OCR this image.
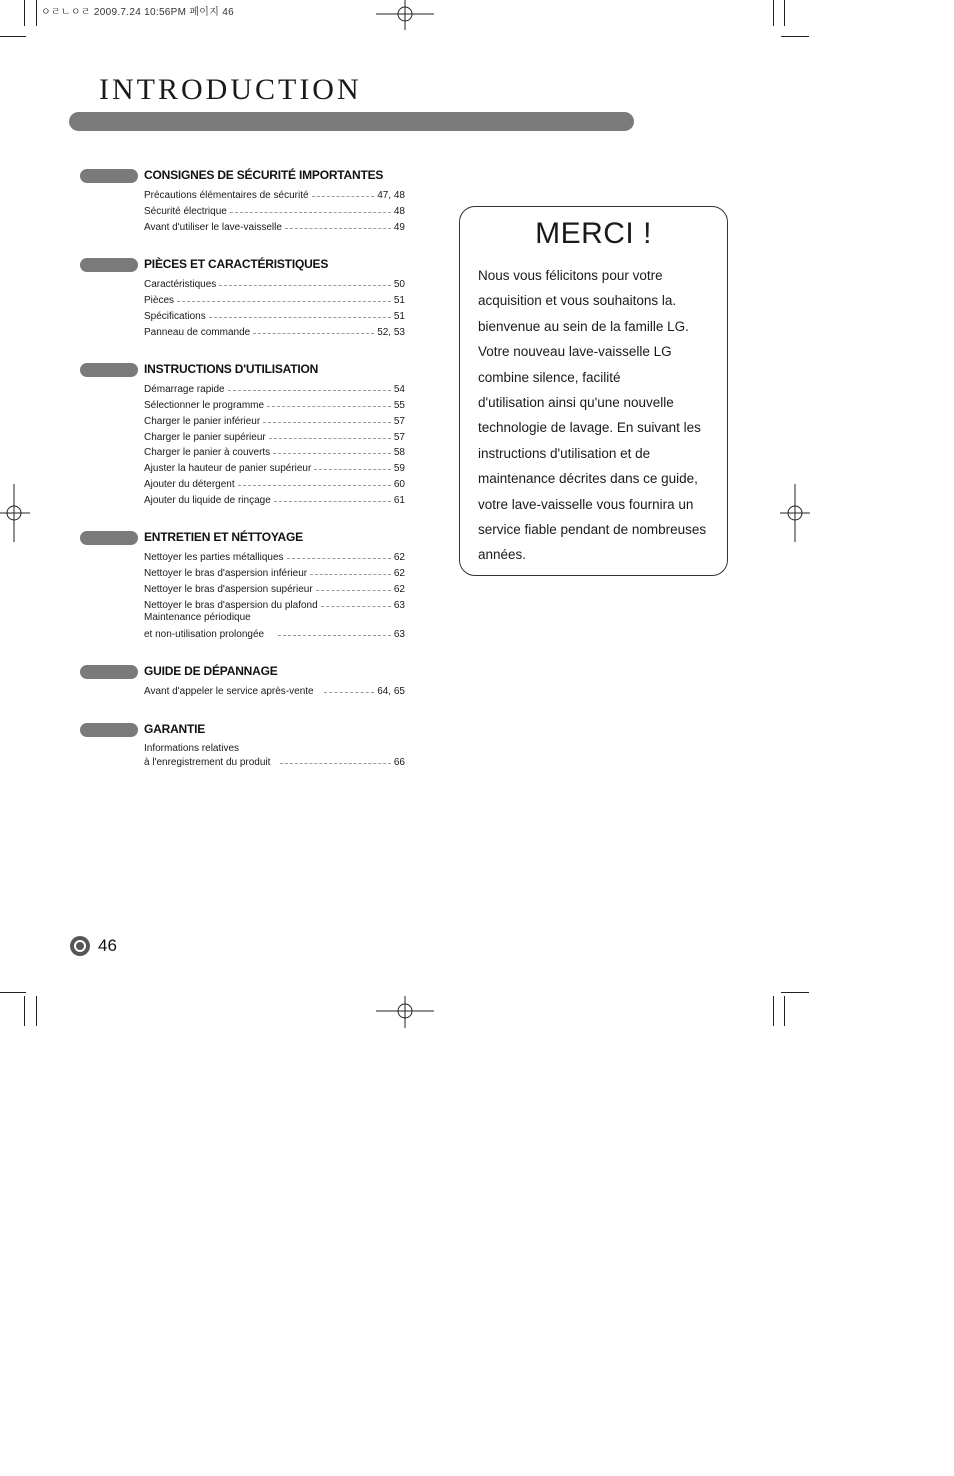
ㅇㄹㄴㅇㄹ 2009.7.24 10:56PM 페이지 46
INTRODUCTION
CONSIGNES DE SÉCURITÉ IMPORTANTES
Précautions élémentaires de sécurité	47, 48
Sécurité électrique	48
Avant d'utiliser le lave-vaisselle	49
PIÈCES ET CARACTÉRISTIQUES
Caractéristiques	50
Pièces	51
Spécifications	51
Panneau de commande	52, 53
INSTRUCTIONS D'UTILISATION
Démarrage rapide	54
Sélectionner le programme	55
Charger le panier inférieur	57
Charger le panier supérieur	57
Charger le panier à couverts	58
Ajuster la hauteur de panier supérieur	59
Ajouter du détergent	60
Ajouter du liquide de rinçage	61
ENTRETIEN ET NÉTTOYAGE
Nettoyer les parties métalliques	62
Nettoyer le bras d'aspersion inférieur	62
Nettoyer le bras d'aspersion supérieur	62
Nettoyer le bras d'aspersion du plafond	63
Maintenance périodique
et non-utilisation prolongée	63
GUIDE DE DÉPANNAGE
Avant d'appeler le service après-vente	64, 65
GARANTIE
Informations relatives
à l'enregistrement du produit	66
MERCI !
Nous vous félicitons pour votre
acquisition et vous souhaitons la.
bienvenue au sein de la famille LG.
Votre nouveau lave-vaisselle LG
combine silence, facilité
d'utilisation ainsi qu'une nouvelle
technologie de lavage. En suivant les
instructions d'utilisation et de
maintenance décrites dans ce guide,
votre lave-vaisselle vous fournira un
service fiable pendant de nombreuses
années.
46
